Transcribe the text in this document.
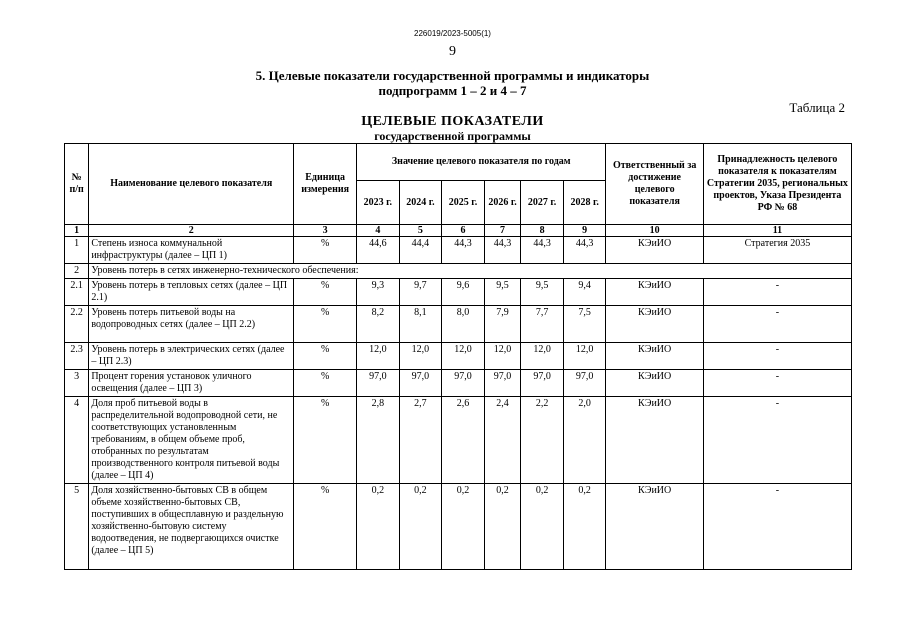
226019/2023-5005(1)
9
5. Целевые показатели государственной программы и индикаторы
подпрограмм 1 – 2 и 4 – 7
Таблица 2
ЦЕЛЕВЫЕ ПОКАЗАТЕЛИ
государственной программы
№ п/п	Наименование целевого показателя	Единица измерения	Значение целевого показателя по годам						Ответственный за достижение целевого показателя	Принадлежность целевого показателя к показателям Стратегии 2035, региональных проектов, Указа Президента РФ № 68
			2023 г.	2024 г.	2025 г.	2026 г.	2027 г.	2028 г.		
1	2	3	4	5	6	7	8	9	10	11
1	Степень износа коммунальной инфраструктуры (далее – ЦП 1)	%	44,6	44,4	44,3	44,3	44,3	44,3	КЭиИО	Стратегия 2035
2	Уровень потерь в сетях инженерно-технического обеспечения:									
2.1	Уровень потерь в тепловых сетях (далее – ЦП 2.1)	%	9,3	9,7	9,6	9,5	9,5	9,4	КЭиИО	-
2.2	Уровень потерь питьевой воды на водопроводных сетях (далее – ЦП 2.2)	%	8,2	8,1	8,0	7,9	7,7	7,5	КЭиИО	-
2.3	Уровень потерь в электрических сетях (далее – ЦП 2.3)	%	12,0	12,0	12,0	12,0	12,0	12,0	КЭиИО	-
3	Процент горения установок уличного освещения (далее – ЦП 3)	%	97,0	97,0	97,0	97,0	97,0	97,0	КЭиИО	-
4	Доля проб питьевой воды в распределительной водопроводной сети, не соответствующих установленным требованиям, в общем объеме проб, отобранных по результатам производственного контроля питьевой воды (далее – ЦП 4)	%	2,8	2,7	2,6	2,4	2,2	2,0	КЭиИО	-
5	Доля хозяйственно-бытовых СВ в общем объеме хозяйственно-бытовых СВ, поступивших в общесплавную и раздельную хозяйственно-бытовую систему водоотведения, не подвергающихся очистке (далее – ЦП 5)	%	0,2	0,2	0,2	0,2	0,2	0,2	КЭиИО	-
